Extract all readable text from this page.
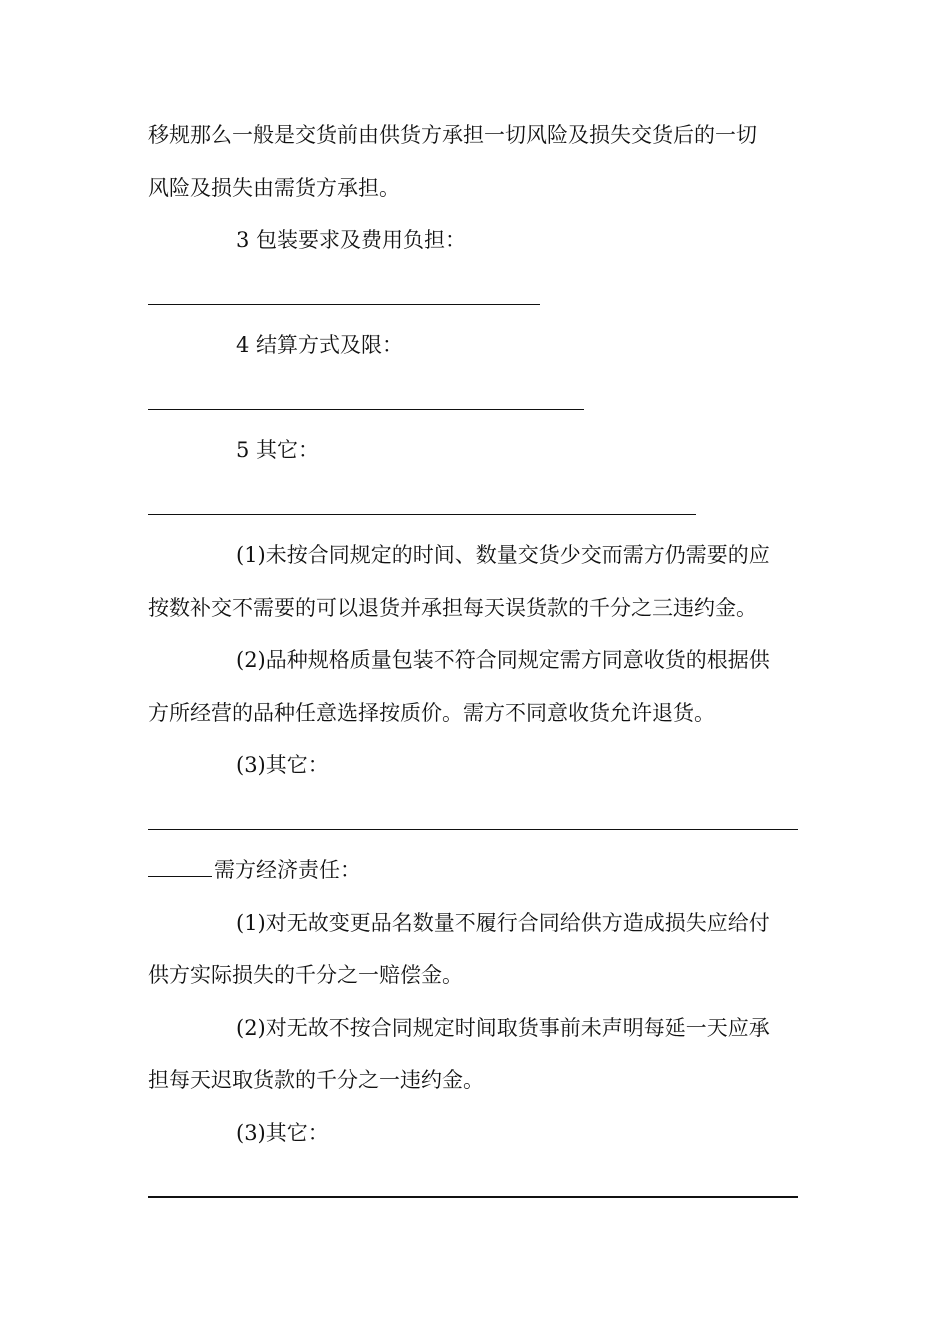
移规那么一般是交货前由供货方承担一切风险及损失交货后的一切
风险及损失由需货方承担。
3 包装要求及费用负担：
4 结算方式及限：
5 其它：
(1)未按合同规定的时间、数量交货少交而需方仍需要的应
按数补交不需要的可以退货并承担每天误货款的千分之三违约金。
(2)品种规格质量包装不符合同规定需方同意收货的根据供
方所经营的品种任意选择按质价。需方不同意收货允许退货。
(3)其它：
需方经济责任：
(1)对无故变更品名数量不履行合同给供方造成损失应给付
供方实际损失的千分之一赔偿金。
(2)对无故不按合同规定时间取货事前未声明每延一天应承
担每天迟取货款的千分之一违约金。
(3)其它：
